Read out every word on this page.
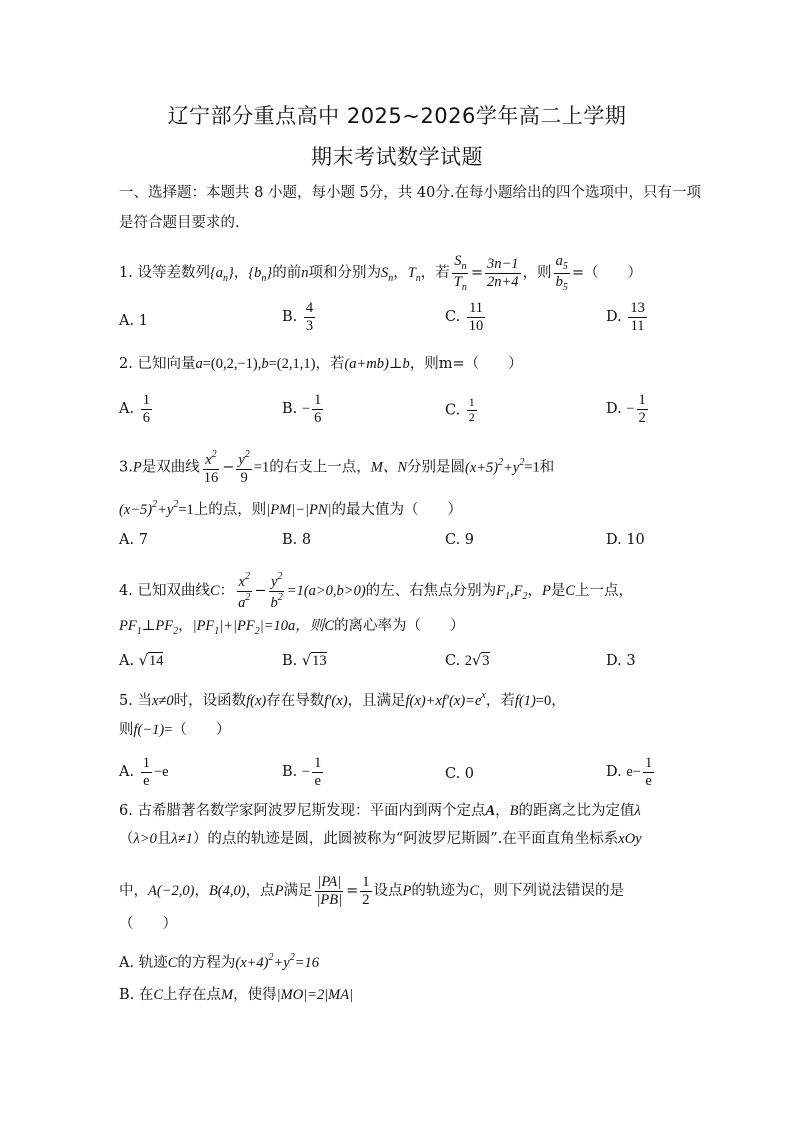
辽宁部分重点高中 2025~2026学年高二上学期
期末考试数学试题
一、选择题：本题共 8 小题，每小题 5分，共 40分.在每小题给出的四个选项中，只有一项
是符合题目要求的.
1. 设等差数列$\{a_n\}$，$\{b_n\}$的前n项和分别为$S_n$，$T_n$，若 $\frac{S_n}{T_n} = \frac{3n-1}{2n+4}$ ，则 $\frac{a_5}{b_5}$ =（　　）
A. 1	B. $\frac{4}{3}$	C. $\frac{11}{10}$	D. $\frac{13}{11}$
2. 已知向量a=(0,2,−1),b=(2,1,1)，若(a+mb)⊥b，则m=（　　）
A. $\frac{1}{6}$	B. − $\frac{1}{6}$	C. $\frac{1}{2}$	D. − $\frac{1}{2}$
3.P是双曲线 $\frac{x^2}{16} - \frac{y^2}{9} =1$的右支上一点，M、N分别是圆$(x+5)^2+y^2=1$和
$(x-5)^2+y^2=1$上的点，则|PM|−|PN|的最大值为（　　）
A. 7	B. 8	C. 9	D. 10
4. 已知双曲线C： $\frac{x^2}{a^2} - \frac{y^2}{b^2} =1(a>0,b>0)$的左、右焦点分别为$F_1,F_2$，P是C上一点，
$PF_1\perp PF_2$，$|PF_1|+|PF_2|=10a$，则C的离心率为（　　）
A. √14	B. √13	C. 2√3	D. 3
5. 当x≠0时，设函数f(x)存在导数f′(x)，且满足$f(x)+xf'(x)=e^x$，若f(1)=0，
则f(−1)=（　　）
A. $\frac{1}{e} -e$	B. − $\frac{1}{e}$	C. 0	D. $e- \frac{1}{e}$
6. 古希腊著名数学家阿波罗尼斯发现：平面内到两个定点A，B的距离之比为定值λ
（λ>0且λ≠1）的点的轨迹是圆，此圆被称为“阿波罗尼斯圆”.在平面直角坐标系xOy
中，A(−2,0)，B(4,0)，点P满足 $\frac{|PA|}{|PB|} = \frac{1}{2}$ 设点P的轨迹为C，则下列说法错误的是
（　　）
A. 轨迹C的方程为$(x+4)^2+y^2=16$
B. 在C上存在点M，使得|MO|=2|MA|
